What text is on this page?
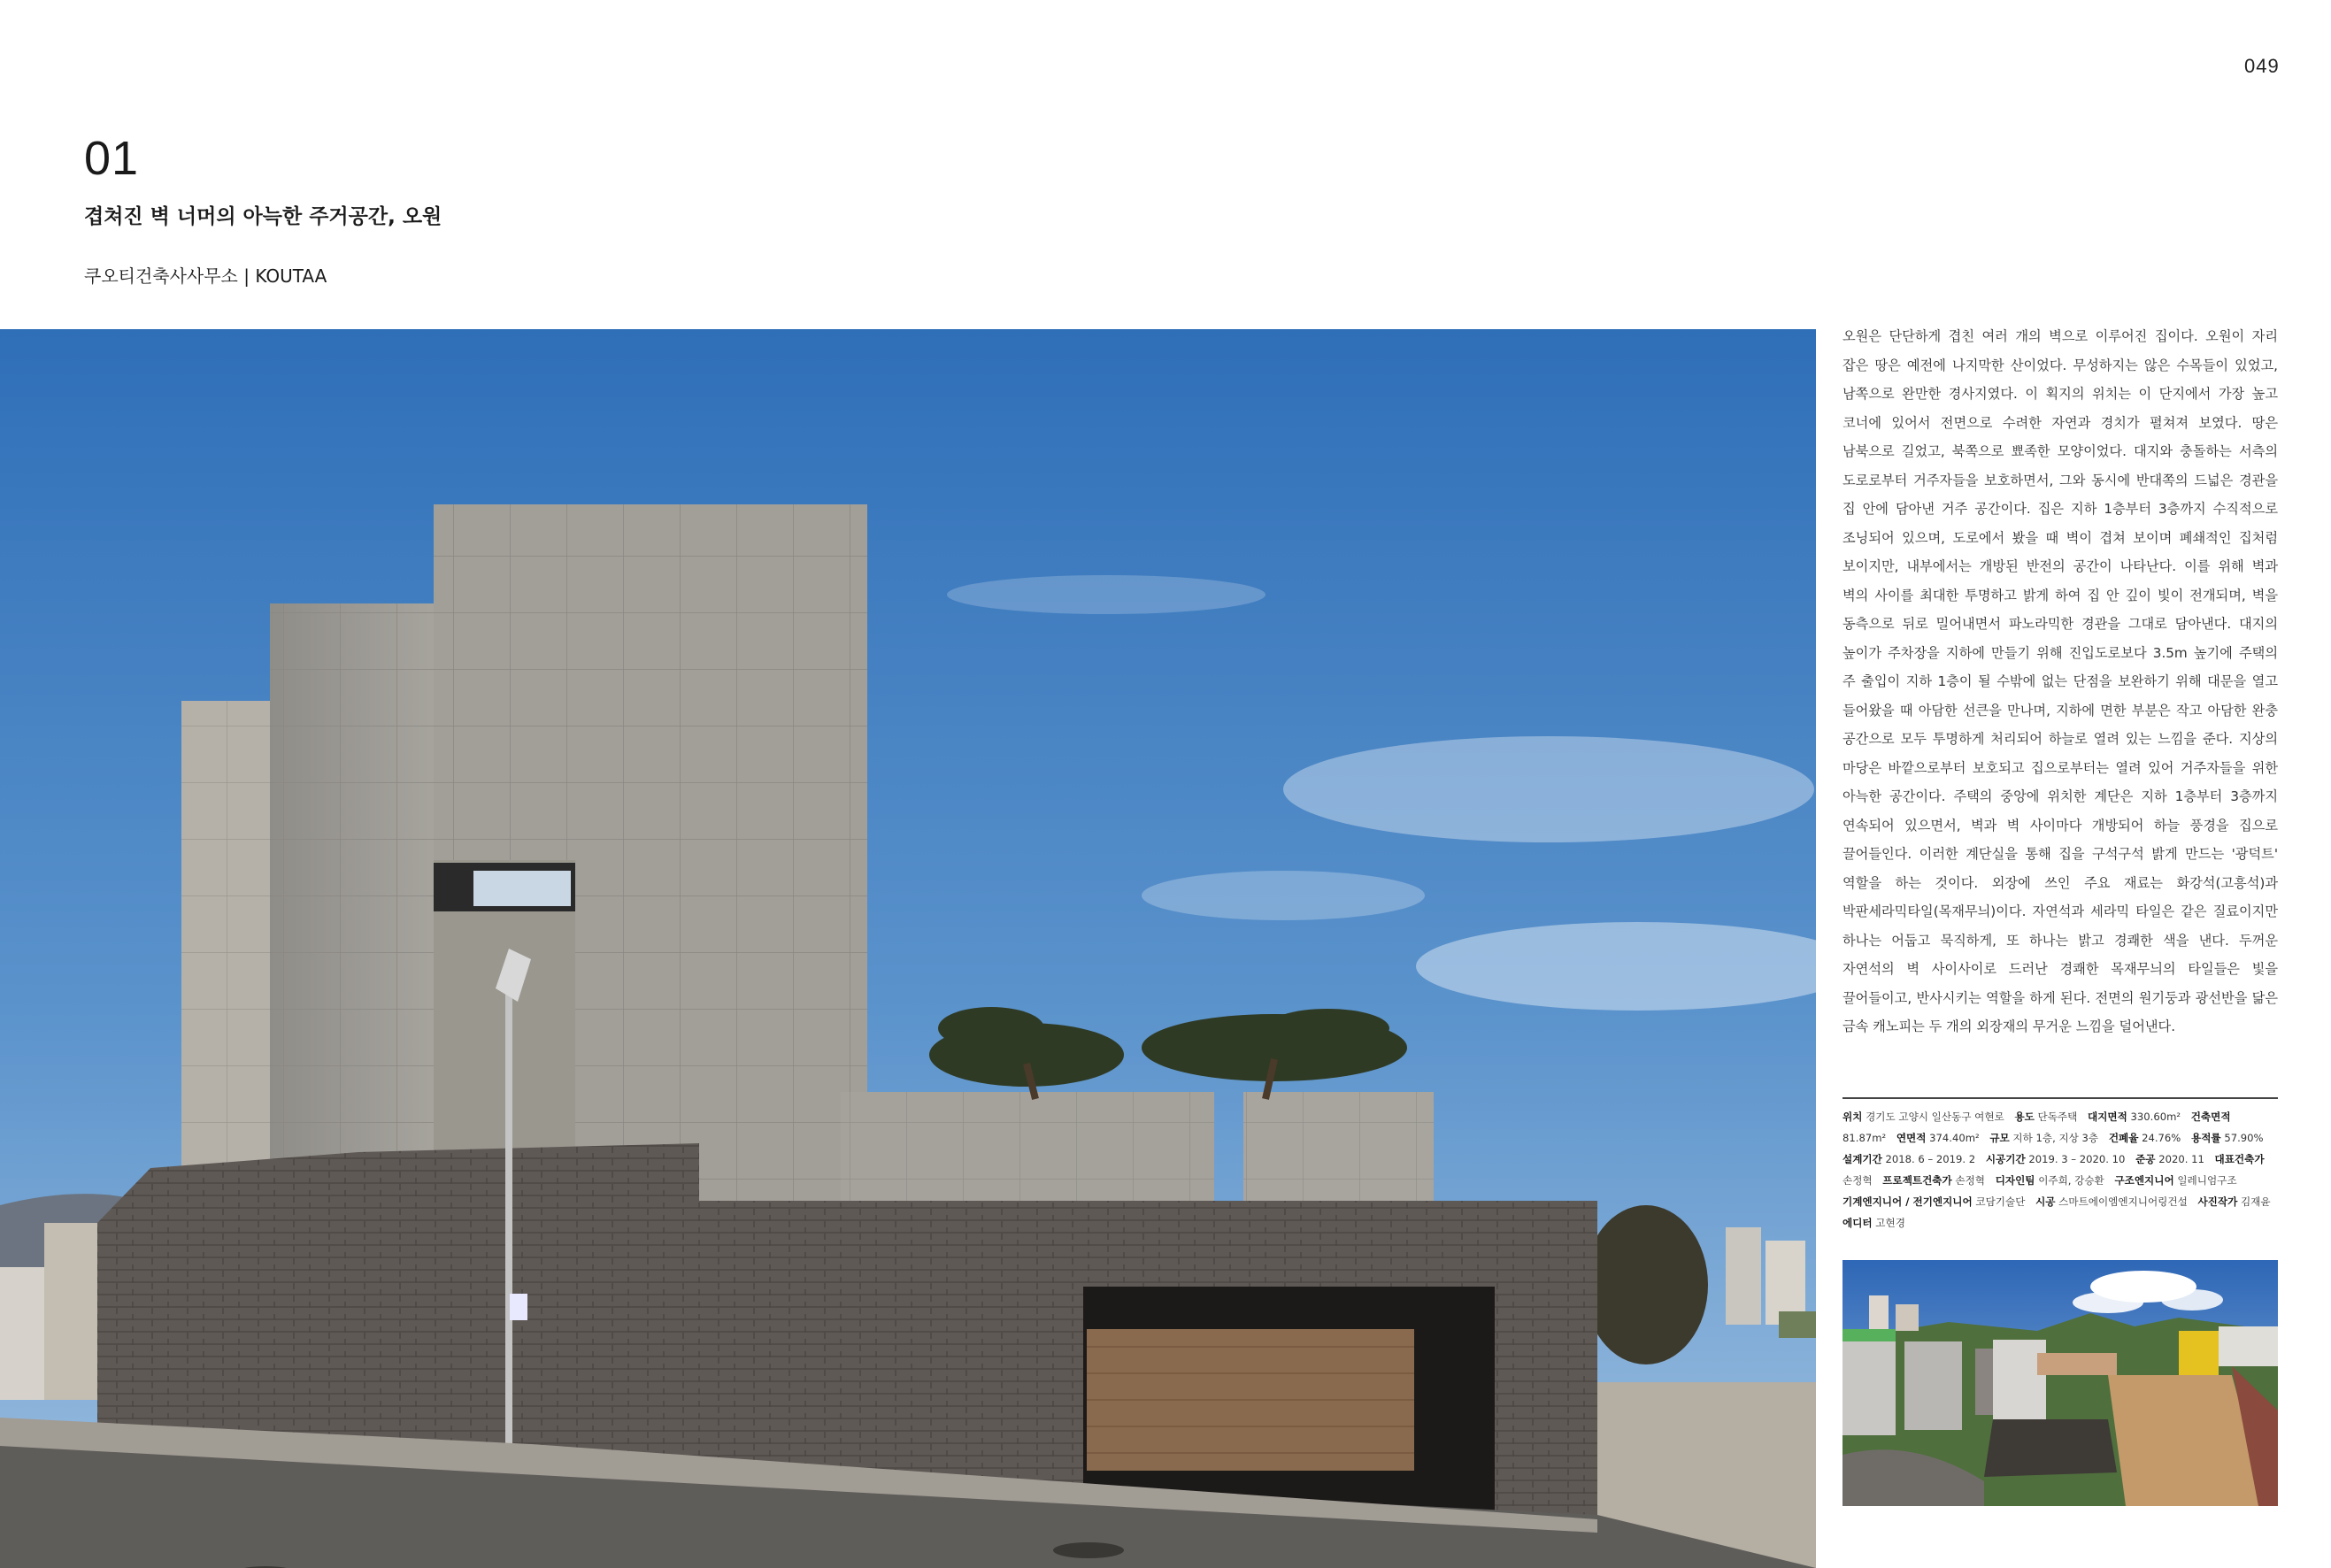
049
01
겹쳐진 벽 너머의 아늑한 주거공간, 오원
쿠오티건축사사무소 | KOUTAA
오원은 단단하게 겹친 여러 개의 벽으로 이루어진 집이다. 오원이 자리 잡은 땅은 예전에 나지막한 산이었다. 무성하지는 않은 수목들이 있었고, 남쪽으로 완만한 경사지였다. 이 획지의 위치는 이 단지에서 가장 높고 코너에 있어서 전면으로 수려한 자연과 경치가 펼쳐져 보였다. 땅은 남북으로 길었고, 북쪽으로 뾰족한 모양이었다. 대지와 충돌하는 서측의 도로로부터 거주자들을 보호하면서, 그와 동시에 반대쪽의 드넓은 경관을 집 안에 담아낸 거주 공간이다. 집은 지하 1층부터 3층까지 수직적으로 조닝되어 있으며, 도로에서 봤을 때 벽이 겹쳐 보이며 폐쇄적인 집처럼 보이지만, 내부에서는 개방된 반전의 공간이 나타난다. 이를 위해 벽과 벽의 사이를 최대한 투명하고 밝게 하여 집 안 깊이 빛이 전개되며, 벽을 동측으로 뒤로 밀어내면서 파노라믹한 경관을 그대로 담아낸다. 대지의 높이가 주차장을 지하에 만들기 위해 진입도로보다 3.5m 높기에 주택의 주 출입이 지하 1층이 될 수밖에 없는 단점을 보완하기 위해 대문을 열고 들어왔을 때 아담한 선큰을 만나며, 지하에 면한 부분은 작고 아담한 완충 공간으로 모두 투명하게 처리되어 하늘로 열려 있는 느낌을 준다. 지상의 마당은 바깥으로부터 보호되고 집으로부터는 열려 있어 거주자들을 위한 아늑한 공간이다. 주택의 중앙에 위치한 계단은 지하 1층부터 3층까지 연속되어 있으면서, 벽과 벽 사이마다 개방되어 하늘 풍경을 집으로 끌어들인다. 이러한 계단실을 통해 집을 구석구석 밝게 만드는 '광덕트' 역할을 하는 것이다. 외장에 쓰인 주요 재료는 화강석(고흥석)과 박판세라믹타일(목재무늬)이다. 자연석과 세라믹 타일은 같은 질료이지만 하나는 어둡고 묵직하게, 또 하나는 밝고 경쾌한 색을 낸다. 두꺼운 자연석의 벽 사이사이로 드러난 경쾌한 목재무늬의 타일들은 빛을 끌어들이고, 반사시키는 역할을 하게 된다. 전면의 원기둥과 광선반을 닮은 금속 캐노피는 두 개의 외장재의 무거운 느낌을 덜어낸다.
위치 경기도 고양시 일산동구 여현로 용도 단독주택 대지면적 330.60m² 건축면적 81.87m² 연면적 374.40m² 규모 지하 1층, 지상 3층 건폐율 24.76% 용적률 57.90% 설계기간 2018. 6 – 2019. 2 시공기간 2019. 3 – 2020. 10 준공 2020. 11 대표건축가 손정혁 프로젝트건축가 손정혁 디자인팀 이주희, 강승환 구조엔지니어 일레니엄구조 기계엔지니어 / 전기엔지니어 코담기술단 시공 스마트에이엠엔지니어링건설 사진작가 김재윤 에디터 고현경
